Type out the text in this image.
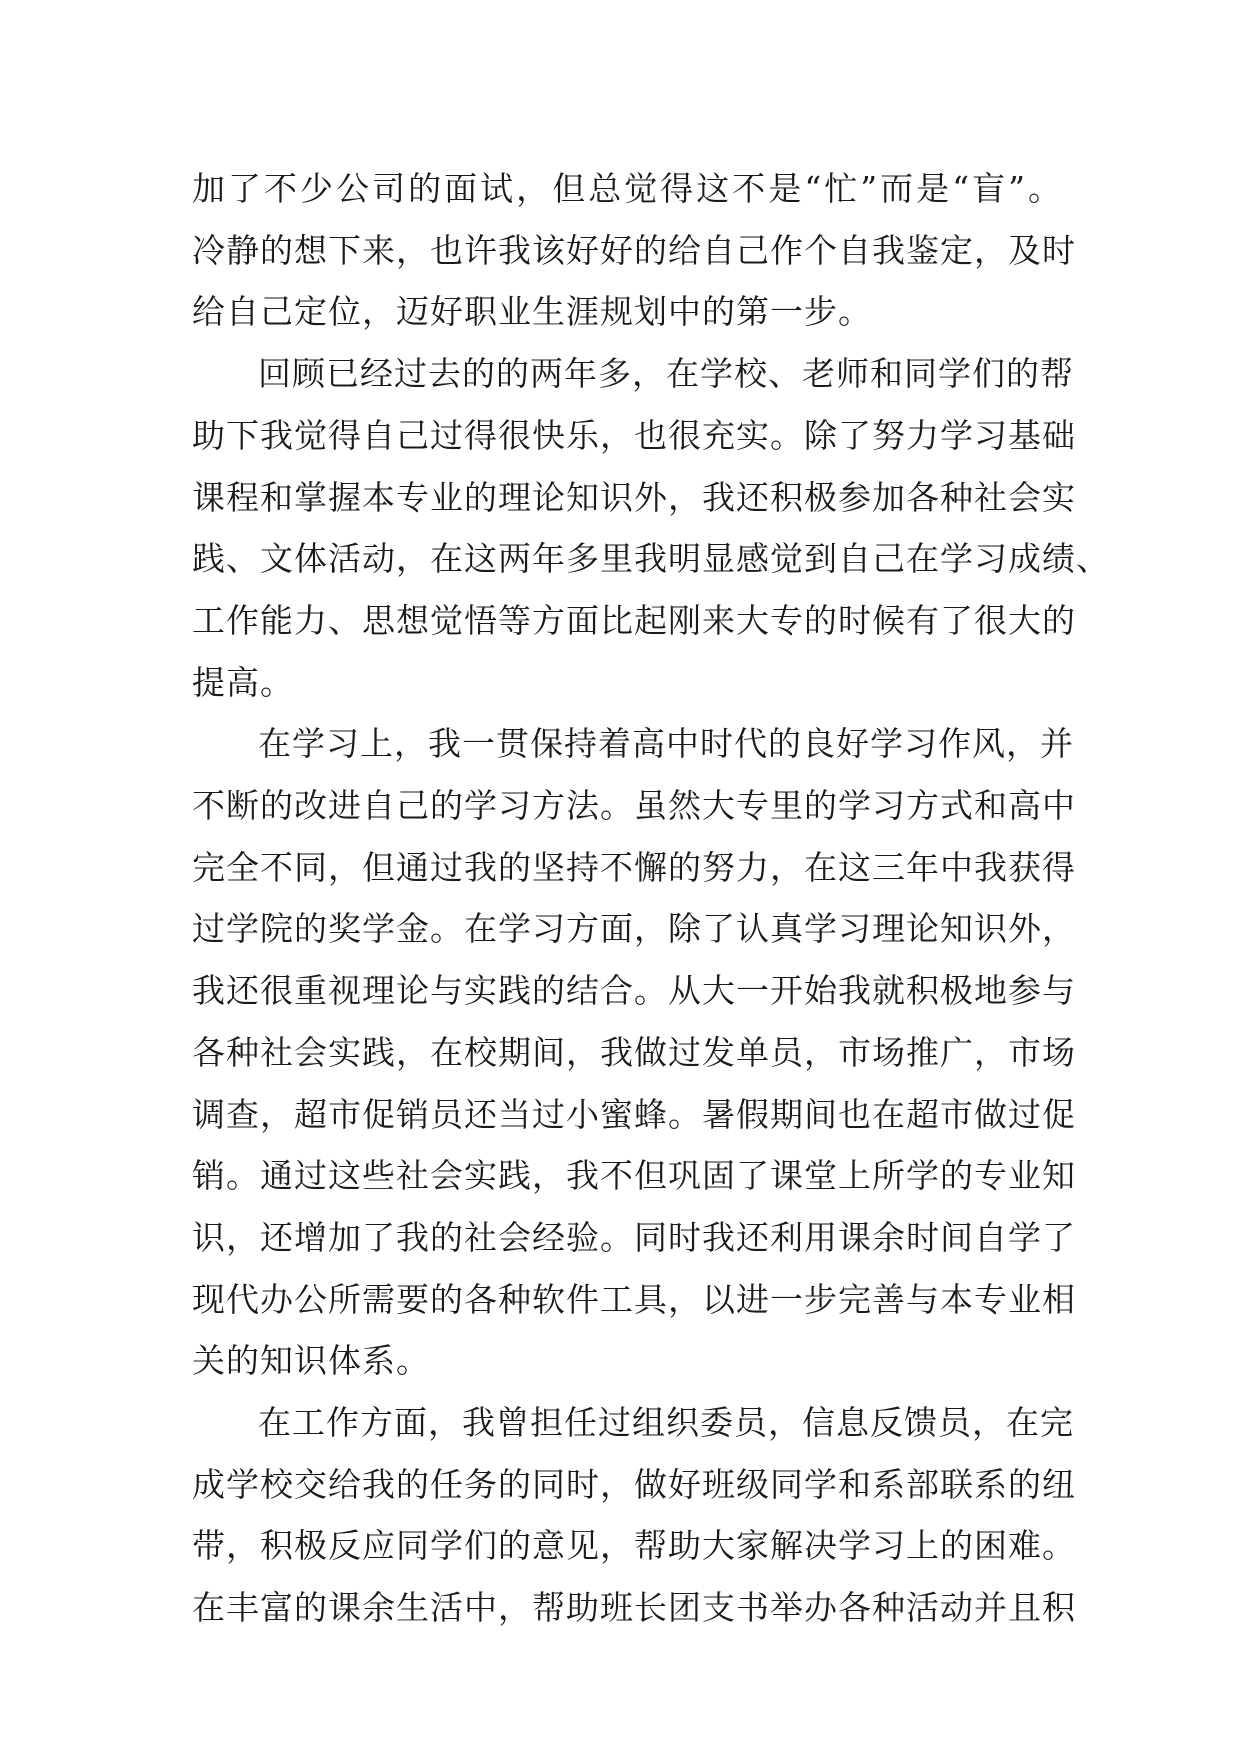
加了不少公司的面试，但总觉得这不是“忙”而是“盲”。
冷静的想下来，也许我该好好的给自己作个自我鉴定，及时
给自己定位，迈好职业生涯规划中的第一步。
回顾已经过去的的两年多，在学校、老师和同学们的帮
助下我觉得自己过得很快乐，也很充实。除了努力学习基础
课程和掌握本专业的理论知识外，我还积极参加各种社会实
践、文体活动，在这两年多里我明显感觉到自己在学习成绩、
工作能力、思想觉悟等方面比起刚来大专的时候有了很大的
提高。
在学习上，我一贯保持着高中时代的良好学习作风，并
不断的改进自己的学习方法。虽然大专里的学习方式和高中
完全不同，但通过我的坚持不懈的努力，在这三年中我获得
过学院的奖学金。在学习方面，除了认真学习理论知识外，
我还很重视理论与实践的结合。从大一开始我就积极地参与
各种社会实践，在校期间，我做过发单员，市场推广，市场
调查，超市促销员还当过小蜜蜂。暑假期间也在超市做过促
销。通过这些社会实践，我不但巩固了课堂上所学的专业知
识，还增加了我的社会经验。同时我还利用课余时间自学了
现代办公所需要的各种软件工具，以进一步完善与本专业相
关的知识体系。
在工作方面，我曾担任过组织委员，信息反馈员，在完
成学校交给我的任务的同时，做好班级同学和系部联系的纽
带，积极反应同学们的意见，帮助大家解决学习上的困难。
在丰富的课余生活中，帮助班长团支书举办各种活动并且积
